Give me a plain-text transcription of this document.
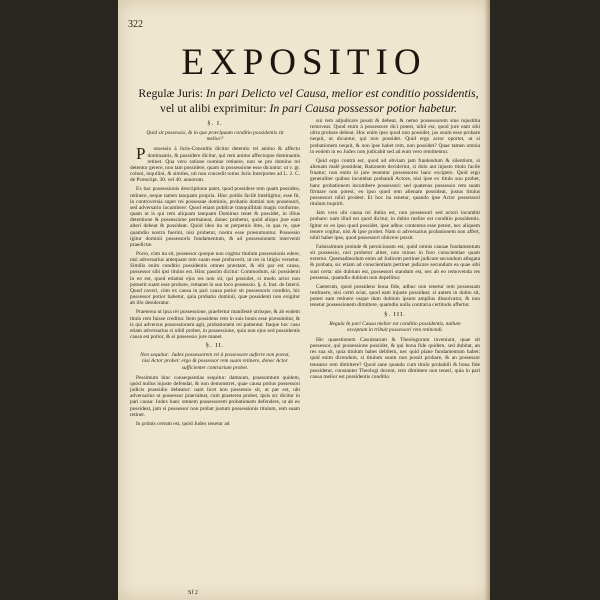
322
EXPOSITIO
Regulæ Juris: In pari Delicto vel Causa, melior est conditio possidentis,
vel ut alibi exprimitur: In pari Causa possessor potior habetur.
§. I.
Quid sit possessio, & in quo præcipuum conditio possidentis sit melior?
P ossessio à Juris-Consultis dicitur detentio rei animo & affectu dominantis, & possidere dicitur, qui rem animo affectuque dominantis retinet. Qua vero ratione nomine retinere, non se pro domino rei detentor gerere, non tam possidere, quam in possessione esse dicuntur: ut v. gr. coloni, inquilini, & similes, uti non concedit totius Juris Interpretes ad L. 2. C. de Præscript. 30. vel 40. annorum.
Ex hac possessionis descriptione patet, quod possidere rem quam possideo, retinere, neque tamen tanquam propria. Hinc potiùs facilè intelligitur, esse fit, in controversia super rei possessae dominio, probatio domini non possessori, sed adversario incumbere: Quod etiam publicæ tranquillitati magis conforme, quam ut is qui rem aliquam tanquam Dominus tenet & possidet, in illius detentione & possessione permaneat, donec probetur, quòd aliquo jure eam alteri debeat & possideat. Quòd ideo ita ut perpetuis lites, in qua re, quæ quamdiu nostra fuerint, nisi probetur, nostra esse præsumuntur. Possessio igitur dominii possessoris fundamentum, & ad possessionem intervenit praedictæ.
Porro, cùm ita sit, possessor quoque non cogitur titulum possessionis edere, nisi adversarius antequam rem suam esse probaverit, ut res in litigio versetur. Similis enim conditio possidentis omnes præstant, & ubi par est causa, possessor sibi ipsi titulus est. Hinc passim dicitur: Commodum, sic possidenti in eo est, quod etiamsi ejus res non sit, qui possidet, si modo actor non potuerit suam esse probare, remanet in suo loco possessio. §. 4. Inst. de Interd. Quod caveri, cùm ex causa in pari causa potior sit possessoris conditio, hic possessor potior habetur, quia probatio dominii, quæ possidenti non exigitur ab illo desideratur.
Praeterea ut ipsa rei possessione, praefertur manifestè utrisque, & ab eodem titulo rem fuisse creditur. Item possidens rem in suis bonis esse præsumitur, & is qui adversus possessionem agit, probationem rei patientur. Itaque hoc casu etiam adversarius si nihil probet, in possessione, quia non ejus sed possidentis causa est potior, & ei possessio jure manet.
§. II.
Non sequitur: Judex possessorem rei à possessore auferre non potest, nisi Actor probet: ergo & possessor rem suam retinere, donec Actor sufficienter contrarium probet.
Pessimum hinc consequentias sequitur: damnum, praesumtum quidem, quòd nullus injuste defendat, & non demonstret, quae causa potius possessori judicis praesidio debeatur: nam licet non possessio sit, ut par est, ubi adversarius ut possessor praevaleat, cum praeterea probet, ipsis sic dicitur in pari causa: Judex hanc omnem possessorem probationem defendere, ut ab eo possideat, jam si possessor non probat justum possessionis titulum, rem suam retinet.
In primis certum est, quòd Judex tenetur ad
sui rem adjudicare possit & debeat, & nemo possessorem sine injustitia removeat. Quod enim à possessore dici potest, nihil est, quod jure eam sibi ultra probare debeat. Hoc enim ipso quod non possidet, jus suum esse probare nequit, ut dicuntur, qui non possidet. Quid ergo actor oportet, ut si probationem nequit, & non ipse habet rem, non possidet? Quae tamen omnia in eodem in eo Judex non judicabit sed ad eum vero remittentur.
Quid ergo contrà est, quod ad obviam jam fundendum & silentium, si alienam malè possideat, Rationem deciderint, si dolo aut injusto titulo facile fruatur; non enim in jure tenentur possessores hanc excipere. Quid ergo generaliter quibus incumbat probandi Actore, nisi ipse ex titulo suo probet, hanc probationem incumbere possessori: sed quatenus possessio rem suam firmare non potest, eo ipso quod rem alienam possideat, justus titulus possessori nihil prodest. Et hoc ita tenetur, quando ipse Actor possessori titulum inquirit.
Jam vero ubi causa rei dubia est, non possessori sed actori incumbit probare: nam illud est quod dicitur, in dubio melior est conditio possidentis. Igitur ex eo ipso quod possidet, ipse adhuc contentus esse potest, nec aliquem tenere cogitur, nisi & ipse probet. Nam si adversarius probationem non affert, nihil habet ipse, quod possessori obiicere possit.
Falsissimum proinde & perniciosum est, quòd omnis causae fundamentum sit possessio, nisi probetur aliter, non minus in foro conscientiae quam externo. Quemadmodum enim ad Judicem pertinet judicare secundum allegata & probata, sic etiam ad conscientiam pertinet judicare secundum ea quae sibi sunt certa: ubi dubium est, possessori standum est, nec ab eo removenda res possessa, quamdiu dubium non depellitur.
Caeterum, quod possidens bona fide, adhuc non tenetur rem possessam restituere, nisi certò sciat, quod eam injuste possideat; si autem in dubio sit, potest eam retinere usque dum dubium ipsum amplius dissolvatur, & non tenetur possessionem dimittere, quamdiu nulla contraria certitudo affertur.
§. III.
Regula In pari Causa melior est conditio possidentis, nullum exceptum in tribuit possessori rem retinendi.
Hic quaestionem Casuistarum & Theologorum inveniunt, quae sit possessor, qui possessione possidet, & qui bona fide quidem, sed dubitat, an res sua sit, quia titulum habet debilem, nec quid plane fundamentum habet: quid enim dicendum, si titulum suum non possit probare, & an possessor teneatur rem dimittere? Quod sane quando cum titulo probabili & bona fide possidetur, constanter Theologi docent, rem dimittere non teneri, quia in pari causa melior est possidentis conditio.
Sf 2
